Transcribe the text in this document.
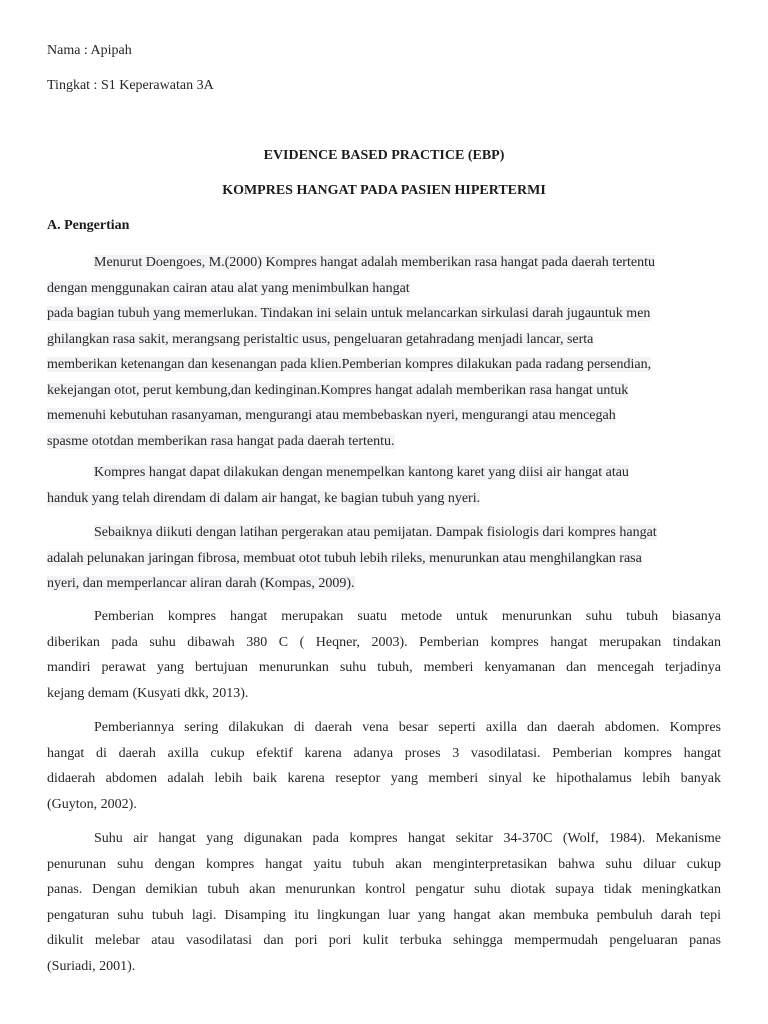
Nama : Apipah
Tingkat : S1 Keperawatan 3A
EVIDENCE BASED PRACTICE (EBP)
KOMPRES HANGAT PADA PASIEN HIPERTERMI
A. Pengertian
Menurut Doengoes, M.(2000) Kompres hangat adalah memberikan rasa hangat pada daerah tertentu
dengan menggunakan cairan atau alat yang menimbulkan hangat
pada bagian tubuh yang memerlukan. Tindakan ini selain untuk melancarkan sirkulasi darah jugauntuk men
ghilangkan rasa sakit, merangsang peristaltic usus, pengeluaran getahradang menjadi lancar, serta
memberikan ketenangan dan kesenangan pada klien.Pemberian kompres dilakukan pada radang persendian,
kekejangan otot, perut kembung,dan kedinginan.Kompres hangat adalah memberikan rasa hangat untuk
memenuhi kebutuhan rasanyaman, mengurangi atau membebaskan nyeri, mengurangi atau mencegah
spasme ototdan memberikan rasa hangat pada daerah tertentu.
Kompres hangat dapat dilakukan dengan menempelkan kantong karet yang diisi air hangat atau
handuk yang telah direndam di dalam air hangat, ke bagian tubuh yang nyeri.
Sebaiknya diikuti dengan latihan pergerakan atau pemijatan. Dampak fisiologis dari kompres hangat
adalah pelunakan jaringan fibrosa, membuat otot tubuh lebih rileks, menurunkan atau menghilangkan rasa
nyeri, dan memperlancar aliran darah (Kompas, 2009).
Pemberian kompres hangat merupakan suatu metode untuk menurunkan suhu tubuh biasanya
diberikan pada suhu dibawah 380 C ( Heqner, 2003). Pemberian kompres hangat merupakan tindakan
mandiri perawat yang bertujuan menurunkan suhu tubuh, memberi kenyamanan dan mencegah terjadinya
kejang demam (Kusyati dkk, 2013).
Pemberiannya sering dilakukan di daerah vena besar seperti axilla dan daerah abdomen. Kompres
hangat di daerah axilla cukup efektif karena adanya proses 3 vasodilatasi. Pemberian kompres hangat
didaerah abdomen adalah lebih baik karena reseptor yang memberi sinyal ke hipothalamus lebih banyak
(Guyton, 2002).
Suhu air hangat yang digunakan pada kompres hangat sekitar 34-370C (Wolf, 1984). Mekanisme
penurunan suhu dengan kompres hangat yaitu tubuh akan menginterpretasikan bahwa suhu diluar cukup
panas. Dengan demikian tubuh akan menurunkan kontrol pengatur suhu diotak supaya tidak meningkatkan
pengaturan suhu tubuh lagi. Disamping itu lingkungan luar yang hangat akan membuka pembuluh darah tepi
dikulit melebar atau vasodilatasi dan pori pori kulit terbuka sehingga mempermudah pengeluaran panas
(Suriadi, 2001).
